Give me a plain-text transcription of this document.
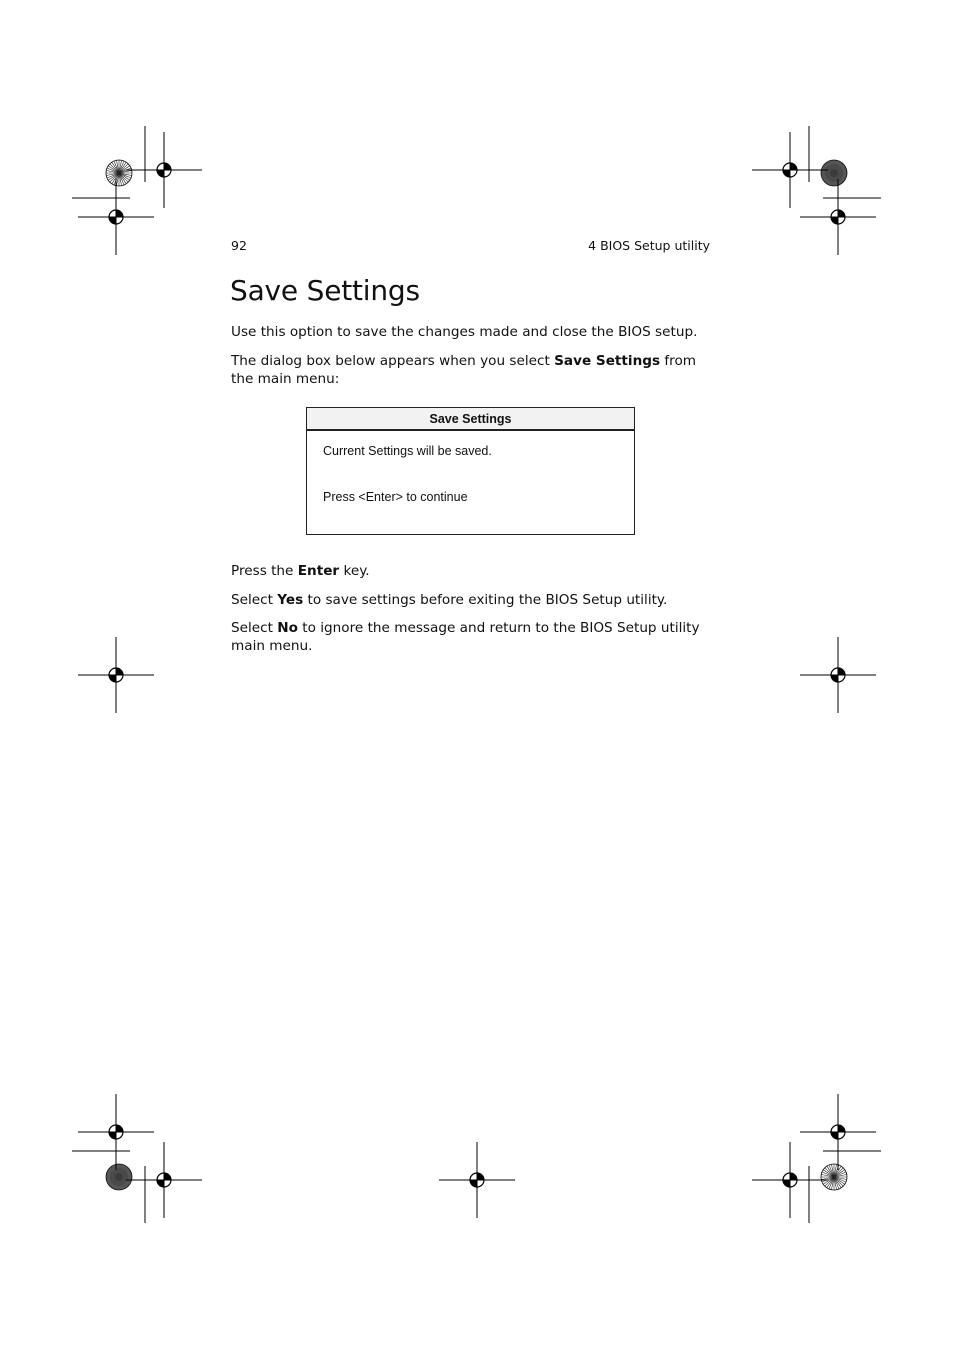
92	4 BIOS Setup utility
Save Settings

Use this option to save the changes made and close the BIOS setup.

The dialog box below appears when you select Save Settings from the main menu:

Save Settings
Current Settings will be saved.
Press <Enter> to continue

Press the Enter key.

Select Yes to save settings before exiting the BIOS Setup utility.

Select No to ignore the message and return to the BIOS Setup utility main menu.
